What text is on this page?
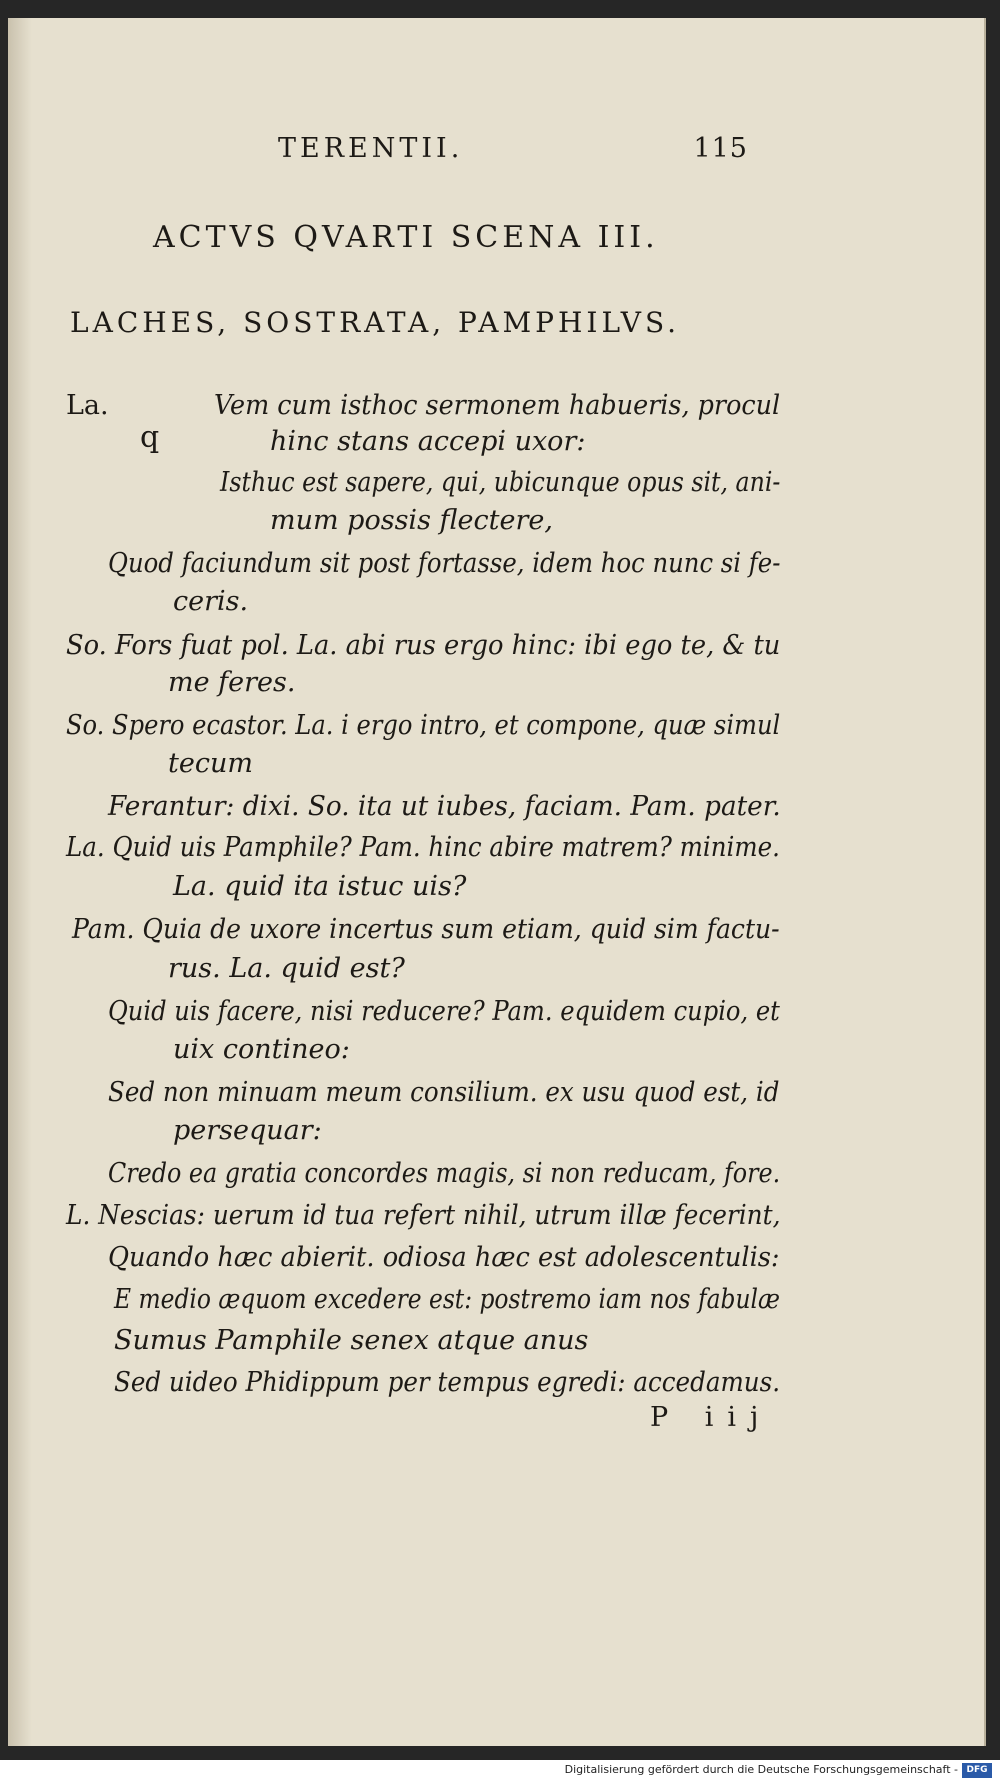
TERENTII.	115
ACTVS QVARTI SCENA III.
LACHES, SOSTRATA, PAMPHILVS.
La.	Vem cum isthoc sermonem habueris, procul
q	hinc stans accepi uxor:
Isthuc est sapere, qui, ubicunque opus sit, ani-
mum possis flectere,
Quod faciundum sit post fortasse, idem hoc nunc si fe-
ceris.
So. Fors fuat pol. La. abi rus ergo hinc: ibi ego te, & tu
me feres.
So. Spero ecastor. La. i ergo intro, et compone, quæ simul
tecum
Ferantur: dixi. So. ita ut iubes, faciam. Pam. pater.
La. Quid uis Pamphile? Pam. hinc abire matrem? minime.
La. quid ita istuc uis?
Pam. Quia de uxore incertus sum etiam, quid sim factu-
rus. La. quid est?
Quid uis facere, nisi reducere? Pam. equidem cupio, et
uix contineo:
Sed non minuam meum consilium. ex usu quod est, id
persequar:
Credo ea gratia concordes magis, si non reducam, fore.
L. Nescias: uerum id tua refert nihil, utrum illæ fecerint,
Quando hæc abierit. odiosa hæc est adolescentulis:
E medio æquom excedere est: postremo iam nos fabulæ
Sumus Pamphile senex atque anus
Sed uideo Phidippum per tempus egredi: accedamus.
P iij
Digitalisierung gefördert durch die Deutsche Forschungsgemeinschaft - DFG
